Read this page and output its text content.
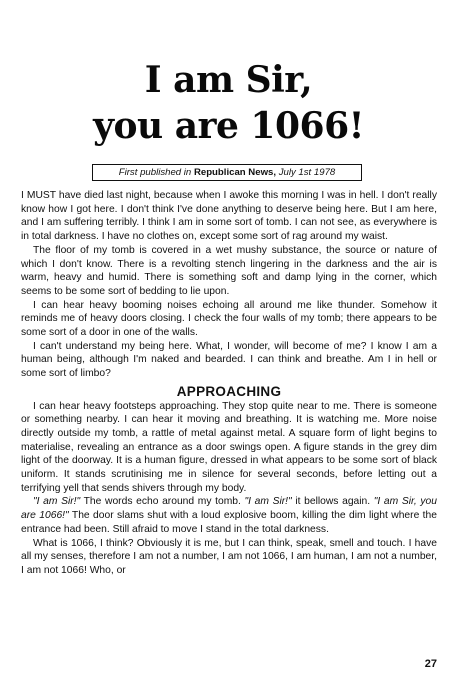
I am Sir,
you are 1066!
First published in Republican News, July 1st 1978

I MUST have died last night, because when I awoke this morning I was in hell. I don't really know how I got here. I don't think I've done anything to deserve being here. But I am here, and I am suffering terribly. I think I am in some sort of tomb. I can not see, as everywhere is in total darkness. I have no clothes on, except some sort of rag around my waist.

The floor of my tomb is covered in a wet mushy substance, the source or nature of which I don't know. There is a revolting stench lingering in the darkness and the air is warm, heavy and humid. There is something soft and damp lying in the corner, which seems to be some sort of bedding to lie upon.

I can hear heavy booming noises echoing all around me like thunder. Somehow it reminds me of heavy doors closing. I check the four walls of my tomb; there appears to be some sort of a door in one of the walls.

I can't understand my being here. What, I wonder, will become of me? I know I am a human being, although I'm naked and bearded. I can think and breathe. Am I in hell or some sort of limbo?

APPROACHING

I can hear heavy footsteps approaching. They stop quite near to me. There is someone or something nearby. I can hear it moving and breathing. It is watching me. More noise directly outside my tomb, a rattle of metal against metal. A square form of light begins to materialise, revealing an entrance as a door swings open. A figure stands in the grey dim light of the doorway. It is a human figure, dressed in what appears to be some sort of black uniform. It stands scrutinising me in silence for several seconds, before letting out a terrifying yell that sends shivers through my body.

"I am Sir!" The words echo around my tomb. "I am Sir!" it bellows again. "I am Sir, you are 1066!" The door slams shut with a loud explosive boom, killing the dim light where the entrance had been. Still afraid to move I stand in the total darkness.

What is 1066, I think? Obviously it is me, but I can think, speak, smell and touch. I have all my senses, therefore I am not a number, I am not 1066, I am human, I am not a number, I am not 1066! Who, or

27
